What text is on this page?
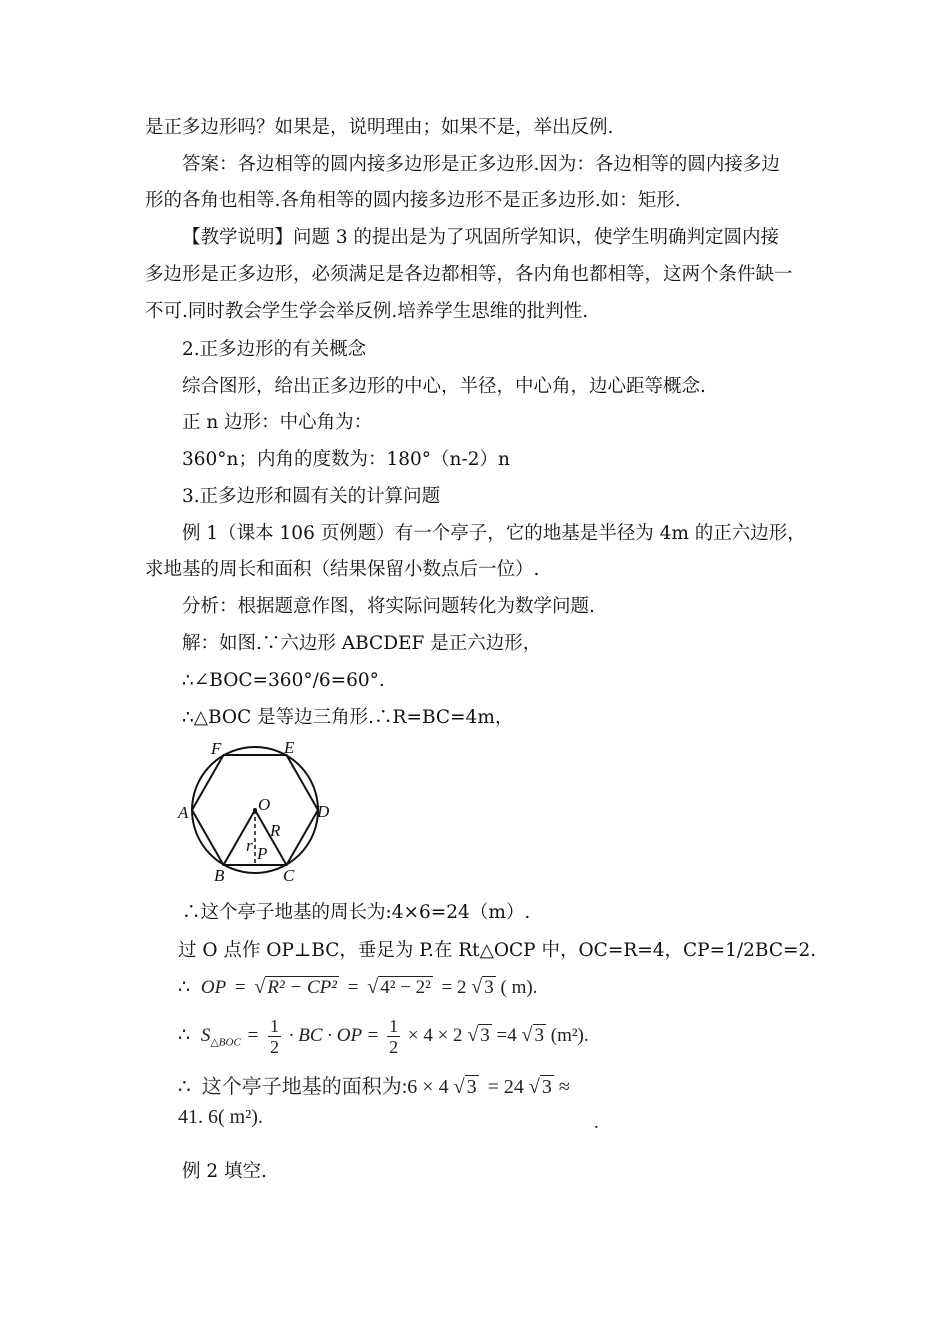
是正多边形吗？如果是，说明理由；如果不是，举出反例.
答案：各边相等的圆内接多边形是正多边形.因为：各边相等的圆内接多边
形的各角也相等.各角相等的圆内接多边形不是正多边形.如：矩形.
【教学说明】问题 3 的提出是为了巩固所学知识，使学生明确判定圆内接
多边形是正多边形，必须满足是各边都相等，各内角也都相等，这两个条件缺一
不可.同时教会学生学会举反例.培养学生思维的批判性.
2.正多边形的有关概念
综合图形，给出正多边形的中心，半径，中心角，边心距等概念.
正 n 边形：中心角为：
360°n；内角的度数为：180°（n-2）n
3.正多边形和圆有关的计算问题
例 1（课本 106 页例题）有一个亭子，它的地基是半径为 4m 的正六边形，
求地基的周长和面积（结果保留小数点后一位）.
分析：根据题意作图，将实际问题转化为数学问题.
解：如图.∵六边形 ABCDEF 是正六边形，
∴∠BOC=360°/6=60°.
∴△BOC 是等边三角形.∴R=BC=4m，
F	E
A	D
O
R
r P
B	C
∴这个亭子地基的周长为:4×6=24（m）.
过 O 点作 OP⊥BC，垂足为 P.在 Rt△OCP 中，OC=R=4，CP=1/2BC=2.
∴ OP = √ R² − CP² = √ 4² − 2² = 2 √ 3 ( m).
∴ $S_{\triangle BOC} = \frac{1}{2}$ · BC · OP = $\frac{1}{2} \times 4 \times 2$ √ 3 =4 √ 3 (m²).
∴ 这个亭子地基的面积为:6 × 4 √ 3 = 24 √ 3 ≈
41. 6( m²).	.
例 2 填空.
